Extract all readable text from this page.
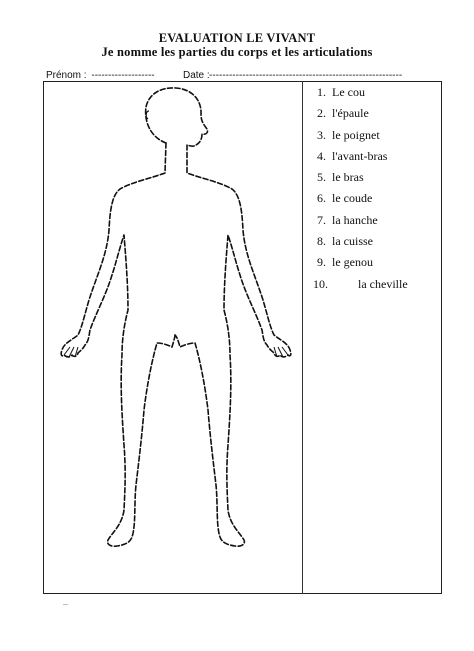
EVALUATION LE VIVANT
Je nomme les parties du corps et les articulations
Prénom : -------------------	Date : ----------------------------------------------------------
1. Le cou
2. l'épaule
3. le poignet
4. l'avant-bras
5. le bras
6. le coude
7. la hanche
8. la cuisse
9. le genou
10.	la cheville
